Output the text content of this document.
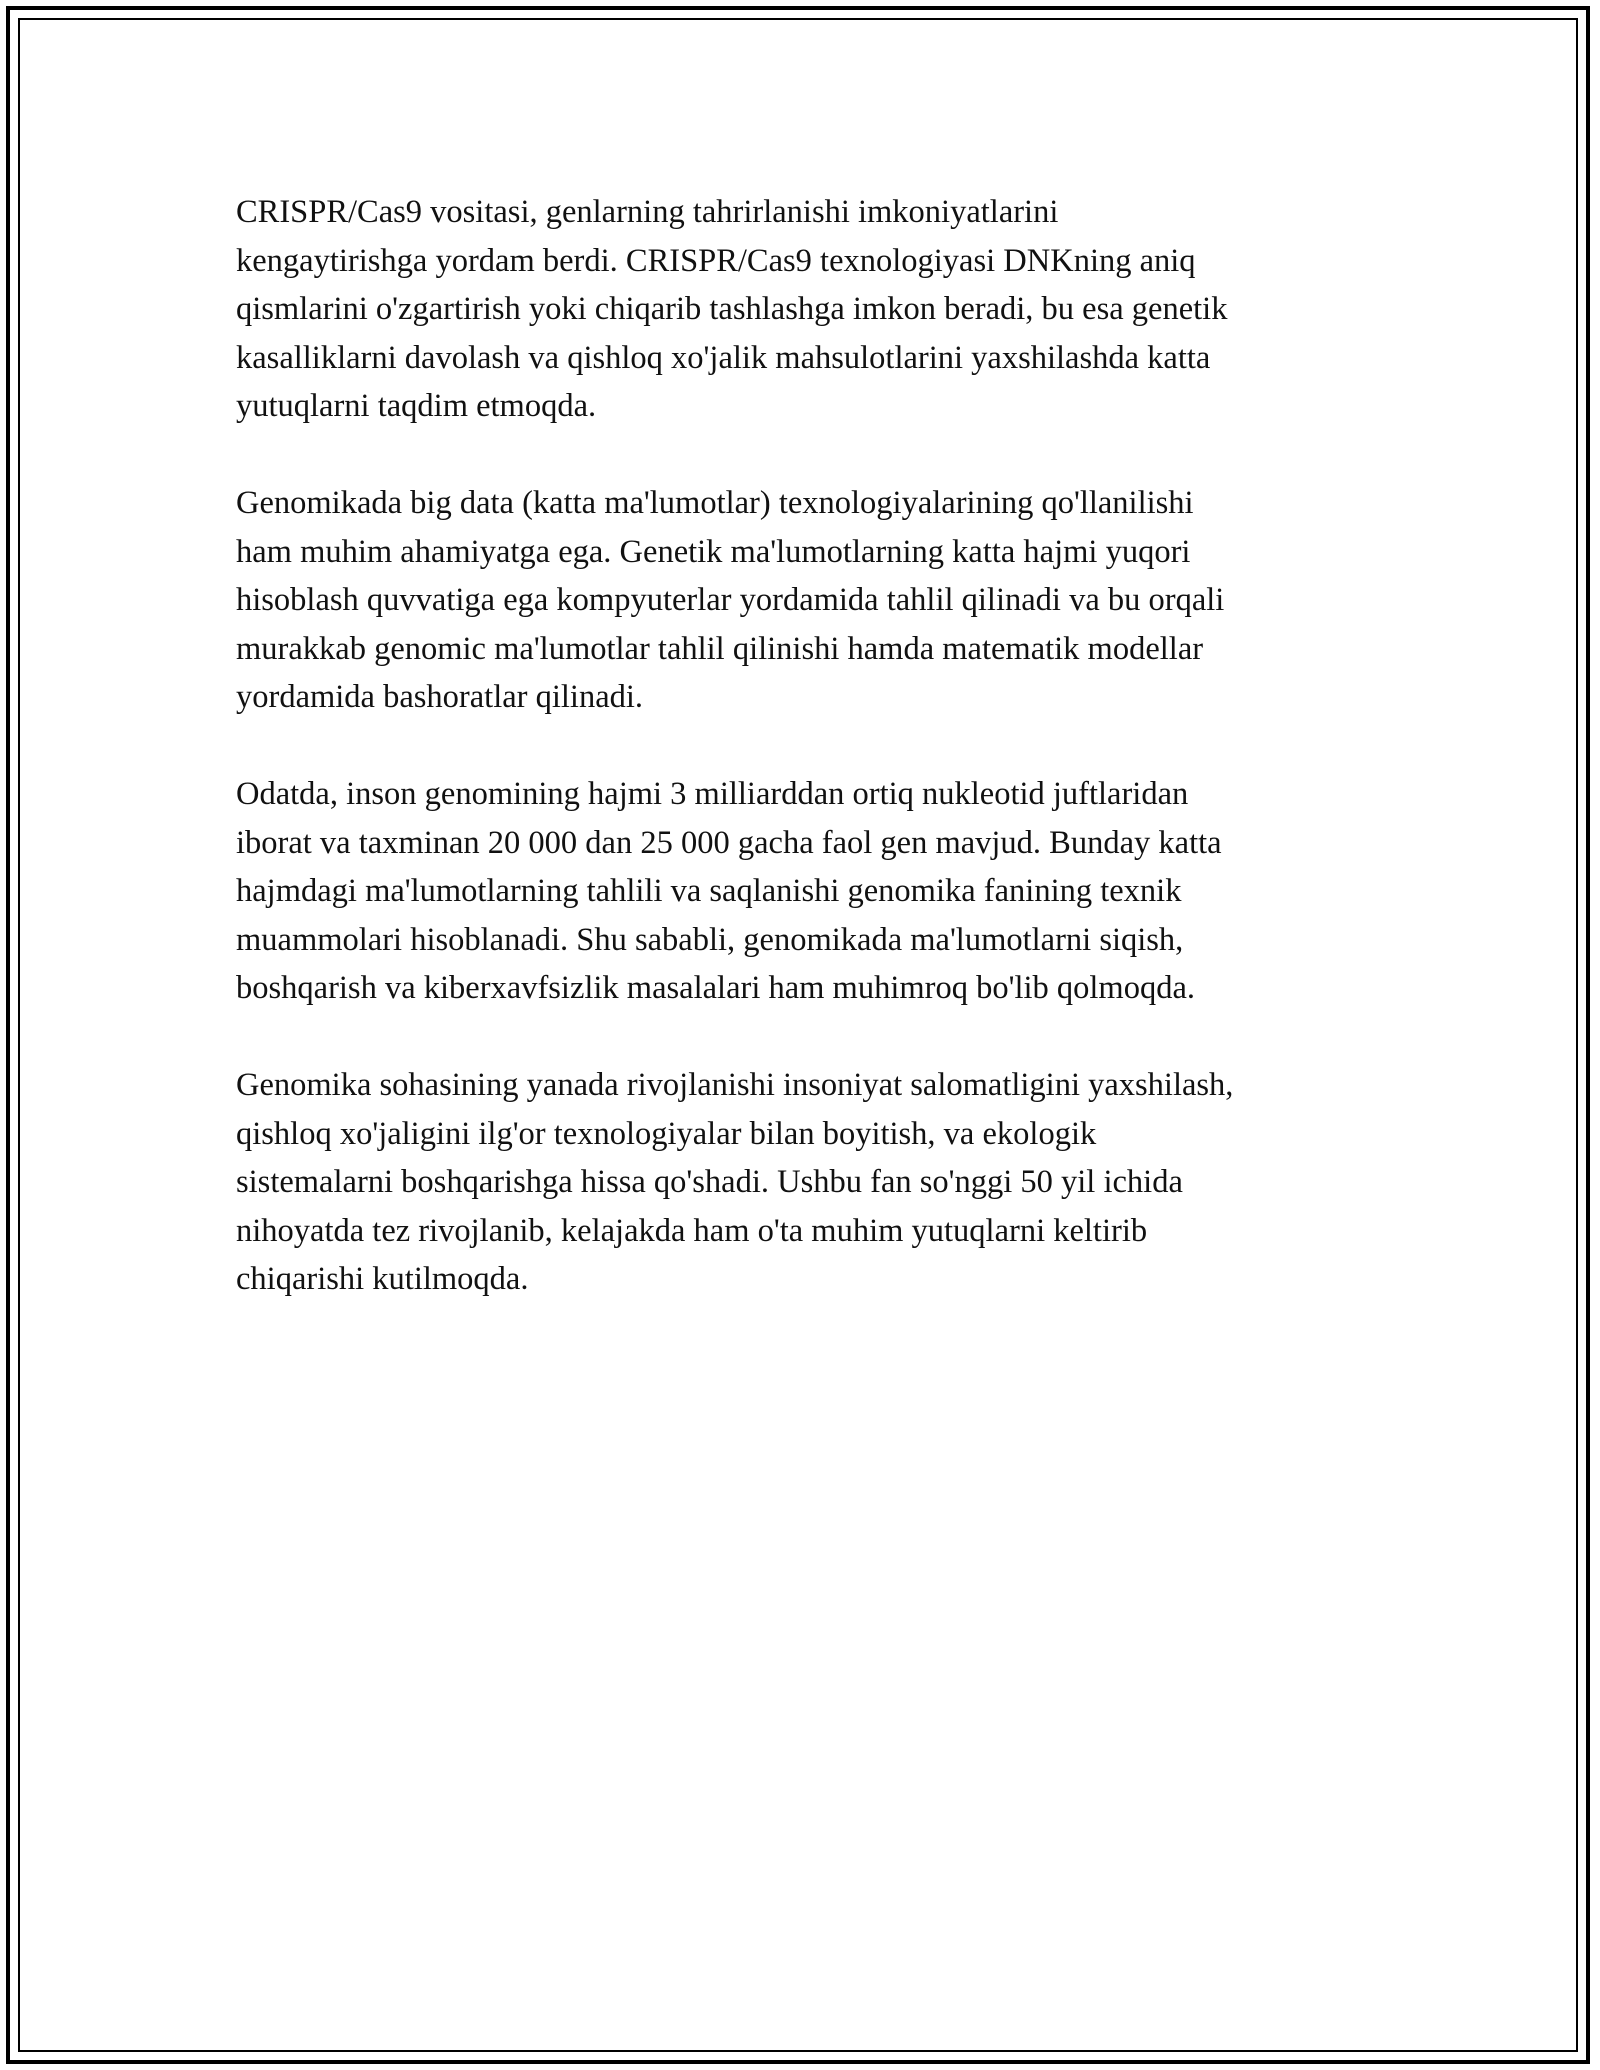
CRISPR/Cas9 vositasi, genlarning tahrirlanishi imkoniyatlarini
kengaytirishga yordam berdi. CRISPR/Cas9 texnologiyasi DNKning aniq
qismlarini o'zgartirish yoki chiqarib tashlashga imkon beradi, bu esa genetik
kasalliklarni davolash va qishloq xo'jalik mahsulotlarini yaxshilashda katta
yutuqlarni taqdim etmoqda.

Genomikada big data (katta ma'lumotlar) texnologiyalarining qo'llanilishi
ham muhim ahamiyatga ega. Genetik ma'lumotlarning katta hajmi yuqori
hisoblash quvvatiga ega kompyuterlar yordamida tahlil qilinadi va bu orqali
murakkab genomic ma'lumotlar tahlil qilinishi hamda matematik modellar
yordamida bashoratlar qilinadi.

Odatda, inson genomining hajmi 3 milliarddan ortiq nukleotid juftlaridan
iborat va taxminan 20 000 dan 25 000 gacha faol gen mavjud. Bunday katta
hajmdagi ma'lumotlarning tahlili va saqlanishi genomika fanining texnik
muammolari hisoblanadi. Shu sababli, genomikada ma'lumotlarni siqish,
boshqarish va kiberxavfsizlik masalalari ham muhimroq bo'lib qolmoqda.

Genomika sohasining yanada rivojlanishi insoniyat salomatligini yaxshilash,
qishloq xo'jaligini ilg'or texnologiyalar bilan boyitish, va ekologik
sistemalarni boshqarishga hissa qo'shadi. Ushbu fan so'nggi 50 yil ichida
nihoyatda tez rivojlanib, kelajakda ham o'ta muhim yutuqlarni keltirib
chiqarishi kutilmoqda.
